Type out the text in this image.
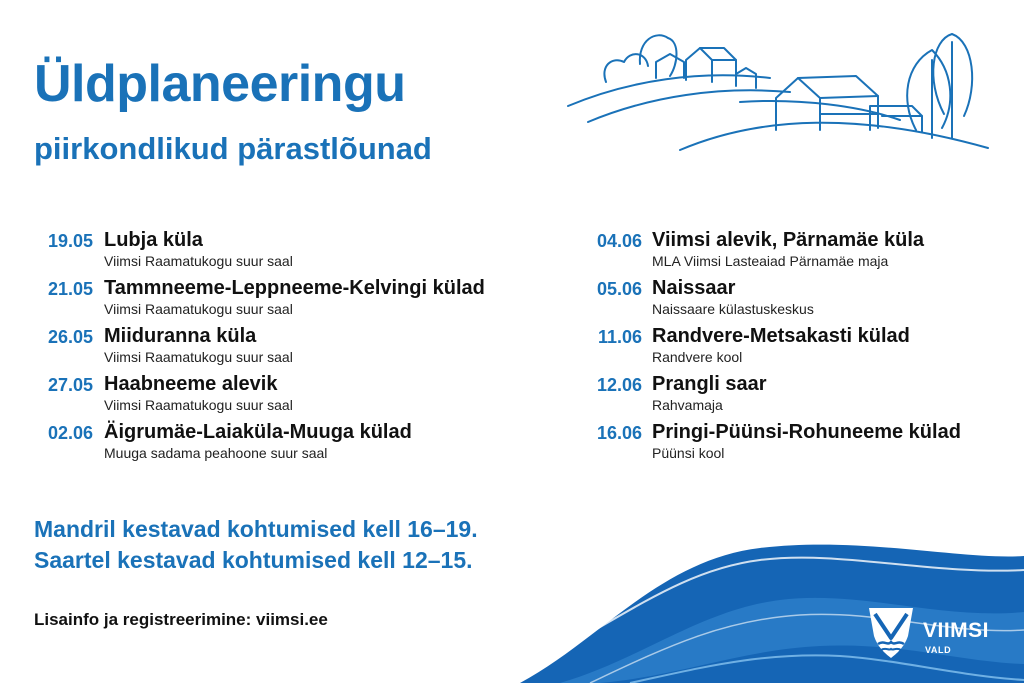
Üldplaneeringu
piirkondlikud pärastlõunad
19.05 Lubja küla
Viimsi Raamatukogu suur saal
21.05 Tammneeme-Leppneeme-Kelvingi külad
Viimsi Raamatukogu suur saal
26.05 Miiduranna küla
Viimsi Raamatukogu suur saal
27.05 Haabneeme alevik
Viimsi Raamatukogu suur saal
02.06 Äigrumäe-Laiaküla-Muuga külad
Muuga sadama peahoone suur saal
04.06 Viimsi alevik, Pärnamäe küla
MLA Viimsi Lasteaiad Pärnamäe maja
05.06 Naissaar
Naissaare külastuskeskus
11.06 Randvere-Metsakasti külad
Randvere kool
12.06 Prangli saar
Rahvamaja
16.06 Pringi-Püünsi-Rohuneeme külad
Püünsi kool
Mandril kestavad kohtumised kell 16–19.
Saartel kestavad kohtumised kell 12–15.
Lisainfo ja registreerimine: viimsi.ee	VIIMSI
VALD
